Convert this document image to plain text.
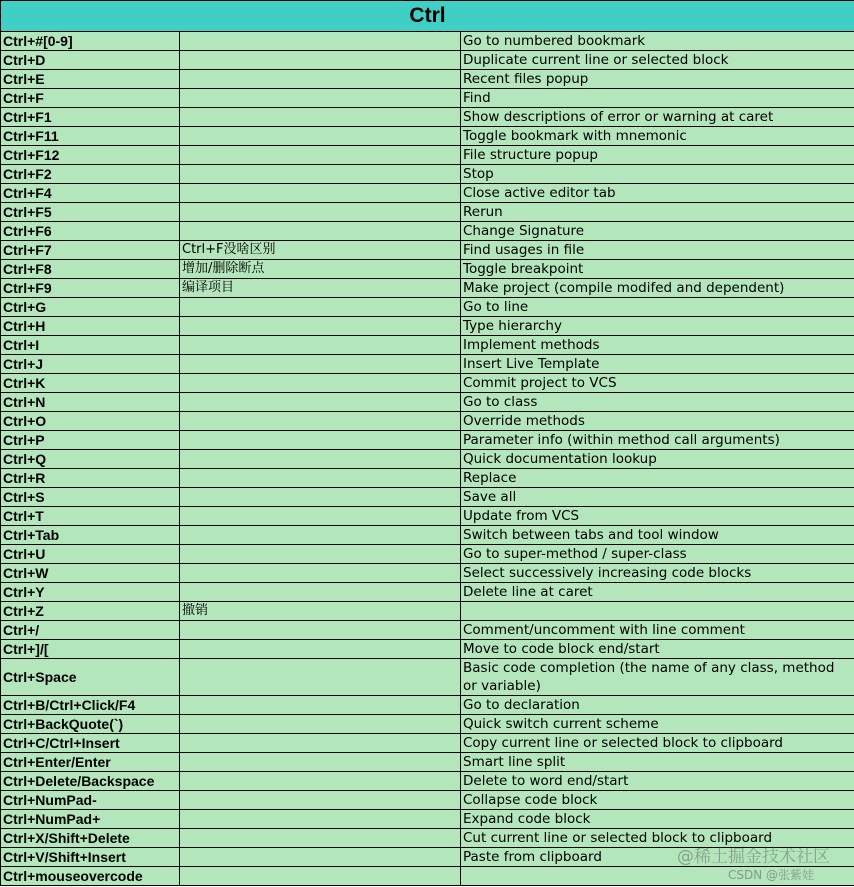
Ctrl		
Ctrl+#[0-9]		Go to numbered bookmark
Ctrl+D		Duplicate current line or selected block
Ctrl+E		Recent files popup
Ctrl+F		Find
Ctrl+F1		Show descriptions of error or warning at caret
Ctrl+F11		Toggle bookmark with mnemonic
Ctrl+F12		File structure popup
Ctrl+F2		Stop
Ctrl+F4		Close active editor tab
Ctrl+F5		Rerun
Ctrl+F6		Change Signature
Ctrl+F7	Ctrl+F没啥区别	Find usages in file
Ctrl+F8	增加/删除断点	Toggle breakpoint
Ctrl+F9	编译项目	Make project (compile modifed and dependent)
Ctrl+G		Go to line
Ctrl+H		Type hierarchy
Ctrl+I		Implement methods
Ctrl+J		Insert Live Template
Ctrl+K		Commit project to VCS
Ctrl+N		Go to class
Ctrl+O		Override methods
Ctrl+P		Parameter info (within method call arguments)
Ctrl+Q		Quick documentation lookup
Ctrl+R		Replace
Ctrl+S		Save all
Ctrl+T		Update from VCS
Ctrl+Tab		Switch between tabs and tool window
Ctrl+U		Go to super-method / super-class
Ctrl+W		Select successively increasing code blocks
Ctrl+Y		Delete line at caret
Ctrl+Z	撤销	
Ctrl+/		Comment/uncomment with line comment
Ctrl+]/[		Move to code block end/start
Ctrl+Space		Basic code completion (the name of any class, method or variable)
Ctrl+B/Ctrl+Click/F4		Go to declaration
Ctrl+BackQuote(`)		Quick switch current scheme
Ctrl+C/Ctrl+Insert		Copy current line or selected block to clipboard
Ctrl+Enter/Enter		Smart line split
Ctrl+Delete/Backspace		Delete to word end/start
Ctrl+NumPad-		Collapse code block
Ctrl+NumPad+		Expand code block
Ctrl+X/Shift+Delete		Cut current line or selected block to clipboard
Ctrl+V/Shift+Insert		Paste from clipboard
Ctrl+mouseovercode		
@稀土掘金技术社区
CSDN @张紫娃
